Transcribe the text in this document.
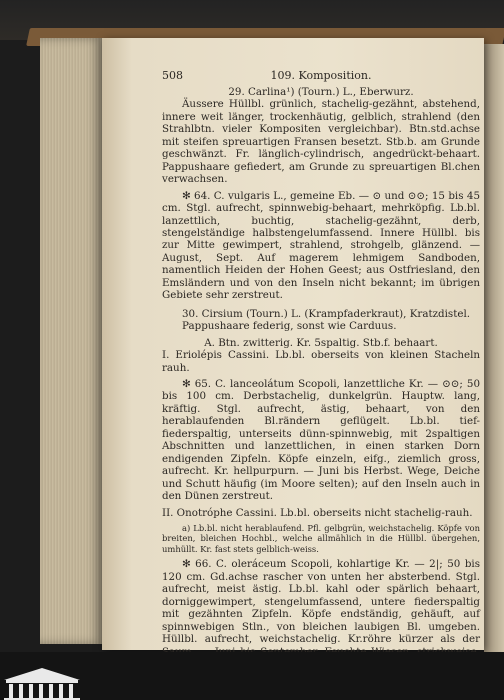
508	109. Komposition.

29. Carlina¹) (Tourn.) L., Eberwurz.

Äussere Hüllbl. grünlich, stachelig-gezähnt, abstehend, innere weit länger, trockenhäutig, gelblich, strahlend (den Strahlbtn. vieler Kompositen vergleichbar). Btn.std.achse mit steifen spreuartigen Fransen besetzt. Stb.b. am Grunde geschwänzt. Fr. länglich-cylindrisch, angedrückt-behaart. Pappushaare gefiedert, am Grunde zu spreuartigen Bl.chen verwachsen.

✻ 64. C. vulgaris L., gemeine Eb. — ⊙ und ⊙⊙; 15 bis 45 cm. Stgl. aufrecht, spinnwebig-behaart, mehrköpfig. Lb.bl. lanzettlich, buchtig, stachelig-gezähnt, derb, stengelständige halbstengelumfassend. Innere Hüllbl. bis zur Mitte gewimpert, strahlend, strohgelb, glänzend. — August, Sept. Auf magerem lehmigem Sandboden, namentlich Heiden der Hohen Geest; aus Ostfriesland, den Emsländern und von den Inseln nicht bekannt; im übrigen Gebiete sehr zerstreut.

30. Cirsium (Tourn.) L. (Krampfaderkraut), Kratzdistel.

Pappushaare federig, sonst wie Carduus.

A. Btn. zwitterig. Kr. 5spaltig. Stb.f. behaart.

I. Eriolépis Cassini. Lb.bl. oberseits von kleinen Stacheln rauh.

✻ 65. C. lanceolátum Scopoli, lanzettliche Kr. — ⊙⊙; 50 bis 100 cm. Derbstachelig, dunkelgrün. Hauptw. lang, kräftig. Stgl. aufrecht, ästig, behaart, von den herablaufenden Bl.rändern geflügelt. Lb.bl. tief-fiederspaltig, unterseits dünn-spinnwebig, mit 2spaltigen Abschnitten und lanzettlichen, in einen starken Dorn endigenden Zipfeln. Köpfe einzeln, eifg., ziemlich gross, aufrecht. Kr. hellpurpurn. — Juni bis Herbst. Wege, Deiche und Schutt häufig (im Moore selten); auf den Inseln auch in den Dünen zerstreut.

II. Onotróphe Cassini. Lb.bl. oberseits nicht stachelig-rauh.

a) Lb.bl. nicht herablaufend. Pfl. gelbgrün, weichstachelig. Köpfe von breiten, bleichen Hochbl., welche allmählich in die Hüllbl. übergehen, umhüllt. Kr. fast stets gelblich-weiss.

✻ 66. C. oleráceum Scopoli, kohlartige Kr. — 2|; 50 bis 120 cm. Gd.achse rascher von unten her absterbend. Stgl. aufrecht, meist ästig. Lb.bl. kahl oder spärlich behaart, dorniggewimpert, stengelumfassend, untere fiederspaltig mit gezähnten Zipfeln. Köpfe endständig, gehäuft, auf spinnwebigen Stln., von bleichen laubigen Bl. umgeben. Hüllbl. aufrecht, weichstachelig. Kr.röhre kürzer als der
